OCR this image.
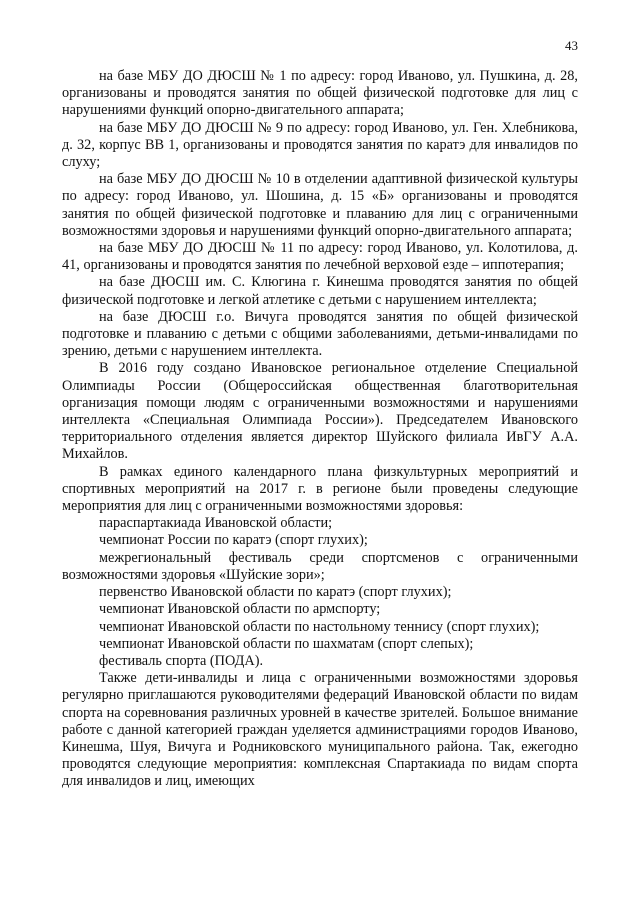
43

на базе МБУ ДО ДЮСШ № 1 по адресу: город Иваново, ул. Пушкина, д. 28, организованы и проводятся занятия по общей физической подготовке для лиц с нарушениями функций опорно-двигательного аппарата;

на базе МБУ ДО ДЮСШ № 9 по адресу: город Иваново, ул. Ген. Хлебникова, д. 32, корпус ВВ 1, организованы и проводятся занятия по каратэ для инвалидов по слуху;

на базе МБУ ДО ДЮСШ № 10 в отделении адаптивной физической культуры по адресу: город Иваново, ул. Шошина, д. 15 «Б» организованы и проводятся занятия по общей физической подготовке и плаванию для лиц с ограниченными возможностями здоровья и нарушениями функций опорно-двигательного аппарата;

на базе МБУ ДО ДЮСШ № 11 по адресу: город Иваново, ул. Колотилова, д. 41, организованы и проводятся занятия по лечебной верховой езде – иппотерапия;

на базе ДЮСШ им. С. Клюгина г. Кинешма проводятся занятия по общей физической подготовке и легкой атлетике с детьми с нарушением интеллекта;

на базе ДЮСШ г.о. Вичуга проводятся занятия по общей физической подготовке и плаванию с детьми с общими заболеваниями, детьми-инвалидами по зрению, детьми с нарушением интеллекта.

В 2016 году создано Ивановское региональное отделение Специальной Олимпиады России (Общероссийская общественная благотворительная организация помощи людям с ограниченными возможностями и нарушениями интеллекта «Специальная Олимпиада России»). Председателем Ивановского территориального отделения является директор Шуйского филиала ИвГУ А.А. Михайлов.

В рамках единого календарного плана физкультурных мероприятий и спортивных мероприятий на 2017 г. в регионе были проведены следующие мероприятия для лиц с ограниченными возможностями здоровья:

параспартакиада Ивановской области;

чемпионат России по каратэ (спорт глухих);

межрегиональный фестиваль среди спортсменов с ограниченными возможностями здоровья «Шуйские зори»;

первенство Ивановской области по каратэ (спорт глухих);

чемпионат Ивановской области по армспорту;

чемпионат Ивановской области по настольному теннису (спорт глухих);

чемпионат Ивановской области по шахматам (спорт слепых);

фестиваль спорта (ПОДА).

Также дети-инвалиды и лица с ограниченными возможностями здоровья регулярно приглашаются руководителями федераций Ивановской области по видам спорта на соревнования различных уровней в качестве зрителей. Большое внимание работе с данной категорией граждан уделяется администрациями городов Иваново, Кинешма, Шуя, Вичуга и Родниковского муниципального района. Так, ежегодно проводятся следующие мероприятия: комплексная Спартакиада по видам спорта для инвалидов и лиц, имеющих
